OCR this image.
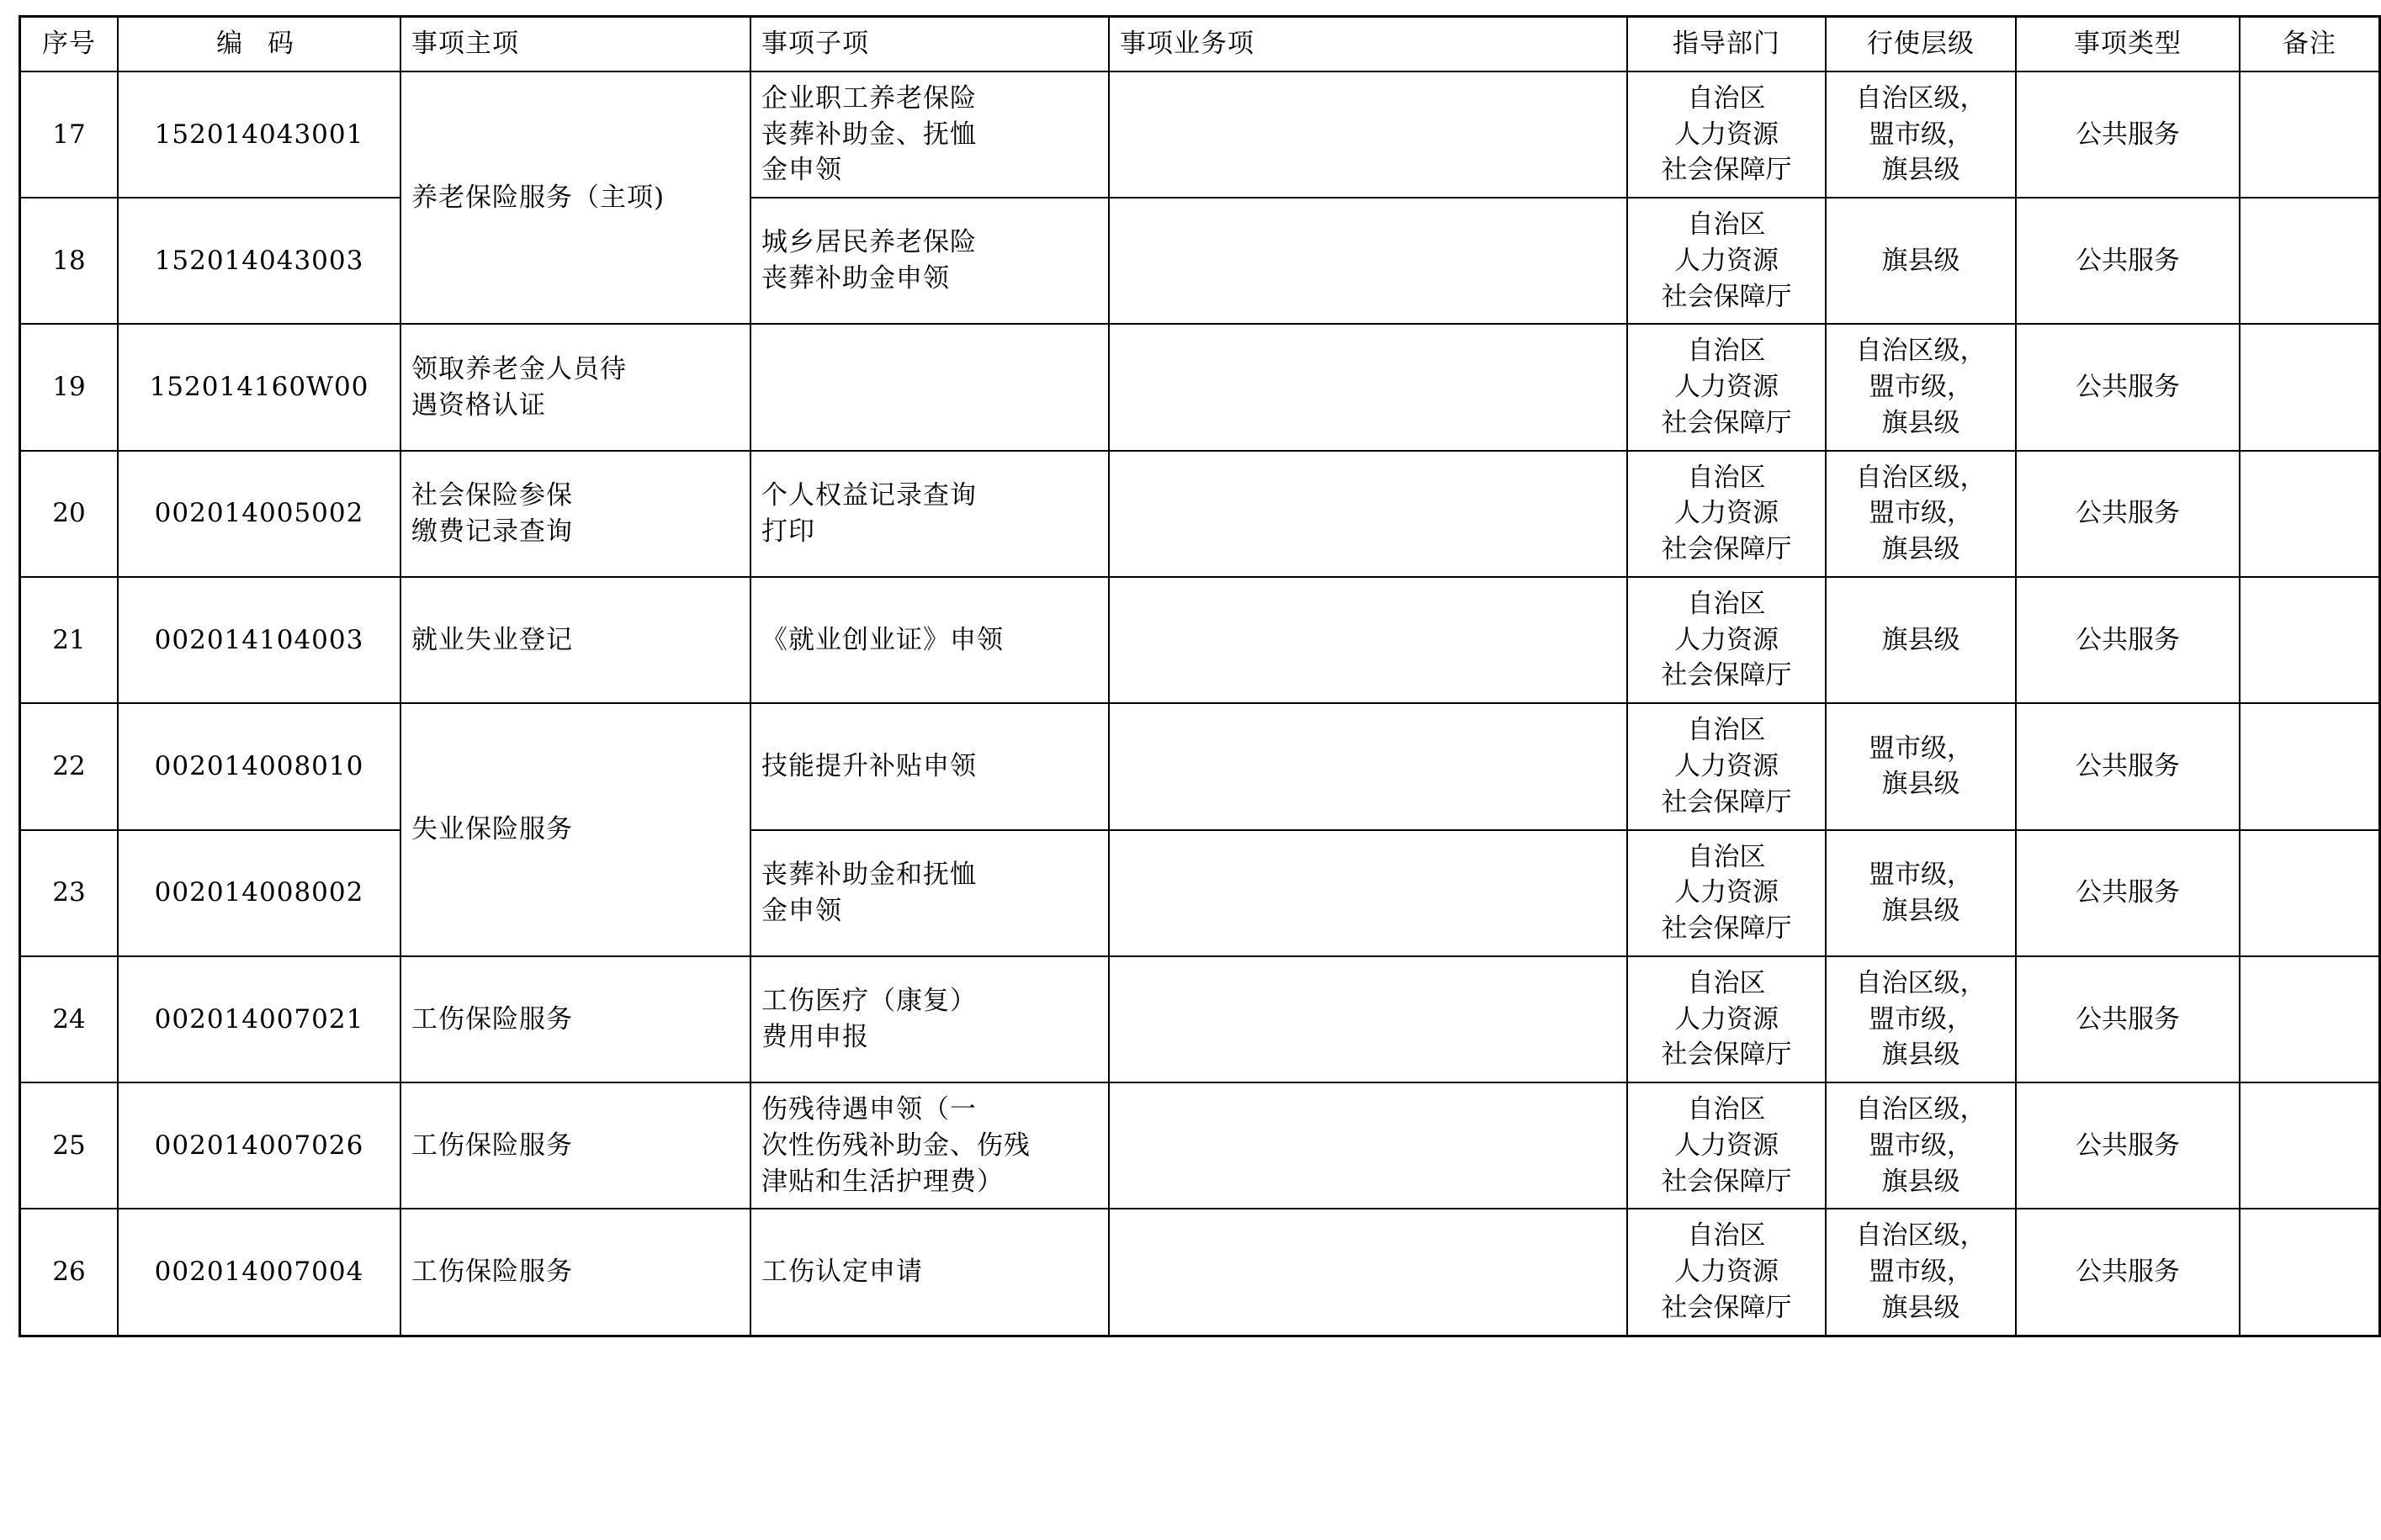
序号	编 码	事项主项	事项子项	事项业务项	指导部门	行使层级	事项类型	备注
17	152014043001	养老保险服务（主项)	企业职工养老保险
丧葬补助金、抚恤
金申领		自治区
人力资源
社会保障厅	自治区级，
盟市级，
旗县级	公共服务	

18	152014043003		城乡居民养老保险
丧葬补助金申领		自治区
人力资源
社会保障厅	旗县级	公共服务	

19	152014160W00	领取养老金人员待
遇资格认证			自治区
人力资源
社会保障厅	自治区级，
盟市级，
旗县级	公共服务	

20	002014005002	社会保险参保
缴费记录查询	个人权益记录查询
打印		自治区
人力资源
社会保障厅	自治区级，
盟市级，
旗县级	公共服务	

21	002014104003	就业失业登记	《就业创业证》申领		自治区
人力资源
社会保障厅	旗县级	公共服务	

22	002014008010	失业保险服务	技能提升补贴申领		自治区
人力资源
社会保障厅	盟市级，
旗县级	公共服务	

23	002014008002		丧葬补助金和抚恤
金申领		自治区
人力资源
社会保障厅	盟市级，
旗县级	公共服务	

24	002014007021	工伤保险服务	工伤医疗（康复）
费用申报		自治区
人力资源
社会保障厅	自治区级，
盟市级，
旗县级	公共服务	

25	002014007026	工伤保险服务	伤残待遇申领（一
次性伤残补助金、伤残
津贴和生活护理费）		自治区
人力资源
社会保障厅	自治区级，
盟市级，
旗县级	公共服务	

26	002014007004	工伤保险服务	工伤认定申请		自治区
人力资源
社会保障厅	自治区级，
盟市级，
旗县级	公共服务	
